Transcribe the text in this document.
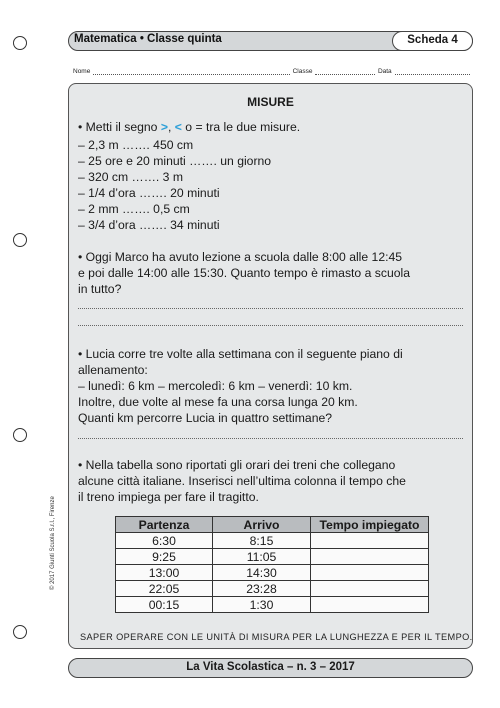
Matematica • Classe quinta	Scheda 4
Nome	Classe	Data
MISURE
• Metti il segno >, < o = tra le due misure.
– 2,3 m ……. 450 cm
– 25 ore e 20 minuti ……. un giorno
– 320 cm ……. 3 m
– 1/4 d’ora ……. 20 minuti
– 2 mm ……. 0,5 cm
– 3/4 d’ora ……. 34 minuti
• Oggi Marco ha avuto lezione a scuola dalle 8:00 alle 12:45
e poi dalle 14:00 alle 15:30. Quanto tempo è rimasto a scuola
in tutto?
• Lucia corre tre volte alla settimana con il seguente piano di
allenamento:
– lunedì: 6 km – mercoledì: 6 km – venerdì: 10 km.
Inoltre, due volte al mese fa una corsa lunga 20 km.
Quanti km percorre Lucia in quattro settimane?
• Nella tabella sono riportati gli orari dei treni che collegano
alcune città italiane. Inserisci nell’ultima colonna il tempo che
il treno impiega per fare il tragitto.
Partenza	Arrivo	Tempo impiegato
6:30	8:15	
9:25	11:05	
13:00	14:30	
22:05	23:28	
00:15	1:30	
SAPER OPERARE CON LE UNITÀ DI MISURA PER LA LUNGHEZZA E PER IL TEMPO.
© 2017 Giunti Scuola S.r.l., Firenze
La Vita Scolastica – n. 3 – 2017
